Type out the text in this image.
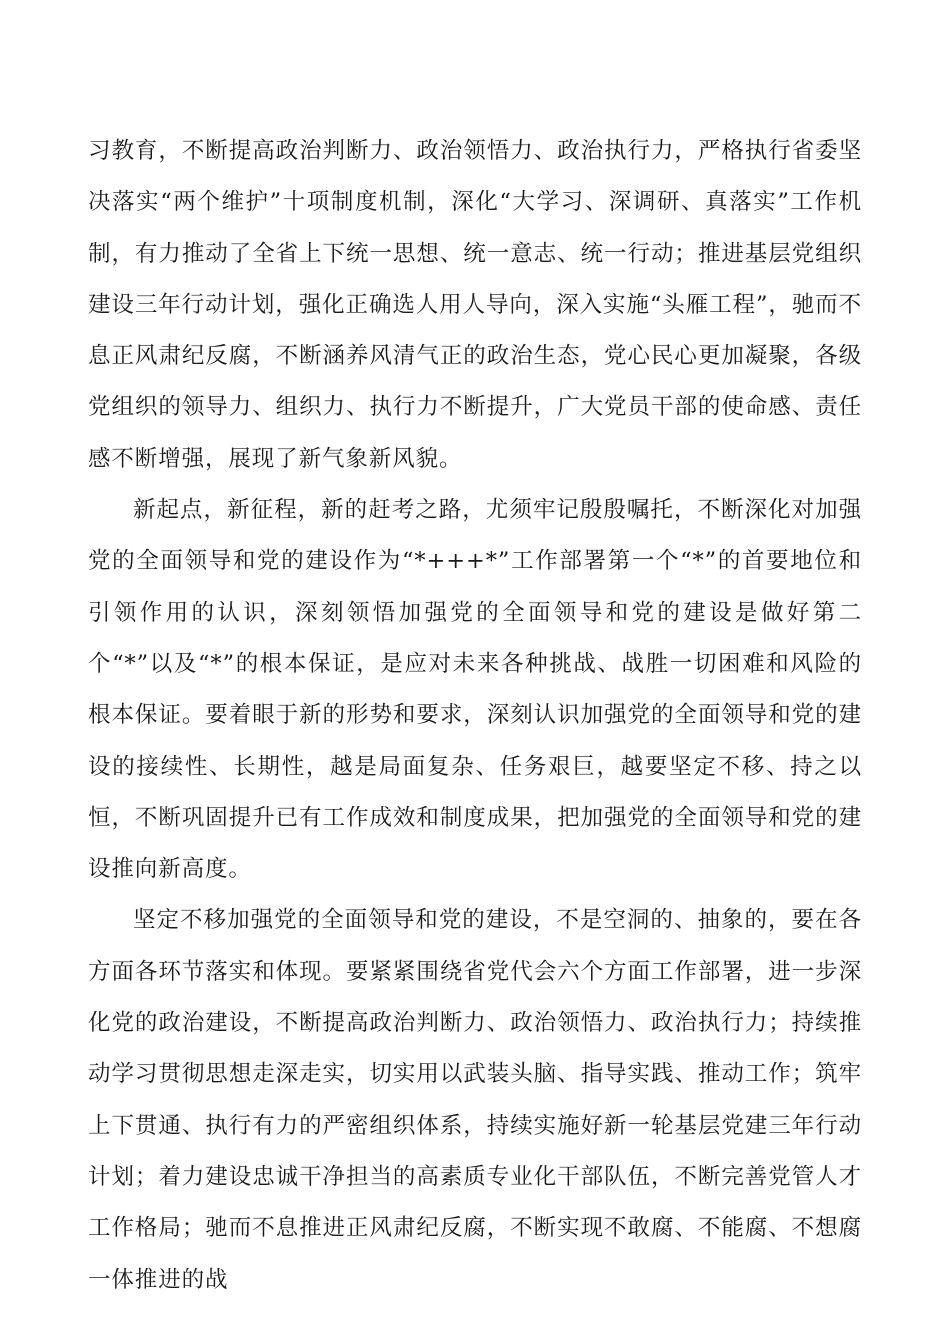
习教育，不断提高政治判断力、政治领悟力、政治执行力，严格执行省委坚决落实“两个维护”十项制度机制，深化“大学习、深调研、真落实”工作机制，有力推动了全省上下统一思想、统一意志、统一行动；推进基层党组织建设三年行动计划，强化正确选人用人导向，深入实施“头雁工程”，驰而不息正风肃纪反腐，不断涵养风清气正的政治生态，党心民心更加凝聚，各级党组织的领导力、组织力、执行力不断提升，广大党员干部的使命感、责任感不断增强，展现了新气象新风貌。

新起点，新征程，新的赶考之路，尤须牢记殷殷嘱托，不断深化对加强党的全面领导和党的建设作为“*+++*”工作部署第一个“*”的首要地位和引领作用的认识，深刻领悟加强党的全面领导和党的建设是做好第二个“*”以及“*”的根本保证，是应对未来各种挑战、战胜一切困难和风险的根本保证。要着眼于新的形势和要求，深刻认识加强党的全面领导和党的建设的接续性、长期性，越是局面复杂、任务艰巨，越要坚定不移、持之以恒，不断巩固提升已有工作成效和制度成果，把加强党的全面领导和党的建设推向新高度。

坚定不移加强党的全面领导和党的建设，不是空洞的、抽象的，要在各方面各环节落实和体现。要紧紧围绕省党代会六个方面工作部署，进一步深化党的政治建设，不断提高政治判断力、政治领悟力、政治执行力；持续推动学习贯彻思想走深走实，切实用以武装头脑、指导实践、推动工作；筑牢上下贯通、执行有力的严密组织体系，持续实施好新一轮基层党建三年行动计划；着力建设忠诚干净担当的高素质专业化干部队伍，不断完善党管人才工作格局；驰而不息推进正风肃纪反腐，不断实现不敢腐、不能腐、不想腐一体推进的战
